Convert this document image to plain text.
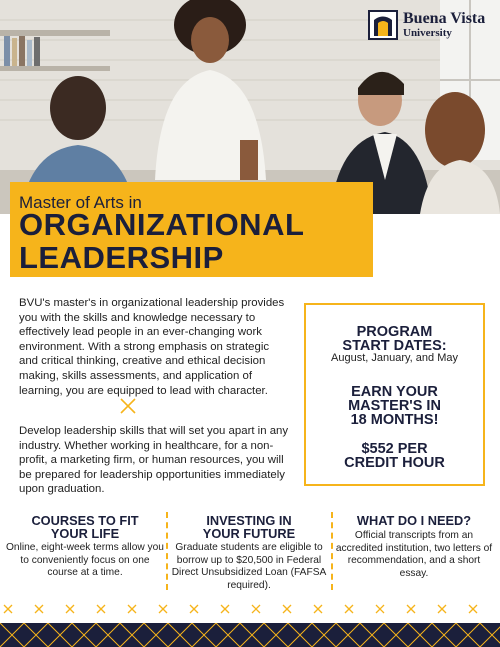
Buena Vista
University
Master of Arts in
ORGANIZATIONAL
LEADERSHIP

BVU's master's in organizational leadership provides you with the skills and knowledge necessary to effectively lead people in an ever-changing work environment. With a strong emphasis on strategic and critical thinking, creative and ethical decision making, skills assessments, and application of learning, you are equipped to lead with character.

Develop leadership skills that will set you apart in any industry. Whether working in healthcare, for a non-profit, a marketing firm, or human resources, you will be prepared for leadership opportunities immediately upon graduation.

PROGRAM
START DATES:
August, January, and May
EARN YOUR
MASTER'S IN
18 MONTHS!
$552 PER
CREDIT HOUR
COURSES TO FIT
YOUR LIFE
Online, eight-week terms allow you to conveniently focus on one course at a time.
INVESTING IN
YOUR FUTURE
Graduate students are eligible to borrow up to $20,500 in Federal Direct Unsubsidized Loan (FAFSA required).
WHAT DO I NEED?
Official transcripts from an accredited institution, two letters of recommendation, and a short essay.
